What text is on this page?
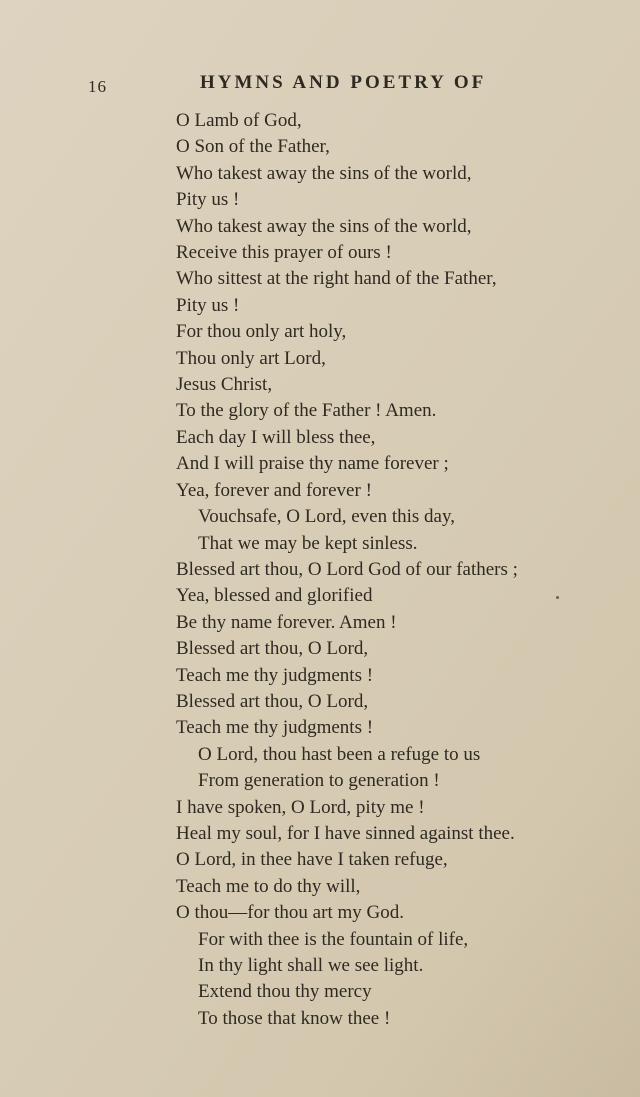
16	HYMNS AND POETRY OF
O Lamb of God,
O Son of the Father,
Who takest away the sins of the world,
Pity us !
Who takest away the sins of the world,
Receive this prayer of ours !
Who sittest at the right hand of the Father,
Pity us !
For thou only art holy,
Thou only art Lord,
Jesus Christ,
To the glory of the Father ! Amen.
Each day I will bless thee,
And I will praise thy name forever ;
Yea, forever and forever !
Vouchsafe, O Lord, even this day,
That we may be kept sinless.
Blessed art thou, O Lord God of our fathers ;
Yea, blessed and glorified
Be thy name forever. Amen !
Blessed art thou, O Lord,
Teach me thy judgments !
Blessed art thou, O Lord,
Teach me thy judgments !
O Lord, thou hast been a refuge to us
From generation to generation !
I have spoken, O Lord, pity me !
Heal my soul, for I have sinned against thee.
O Lord, in thee have I taken refuge,
Teach me to do thy will,
O thou—for thou art my God.
For with thee is the fountain of life,
In thy light shall we see light.
Extend thou thy mercy
To those that know thee !
